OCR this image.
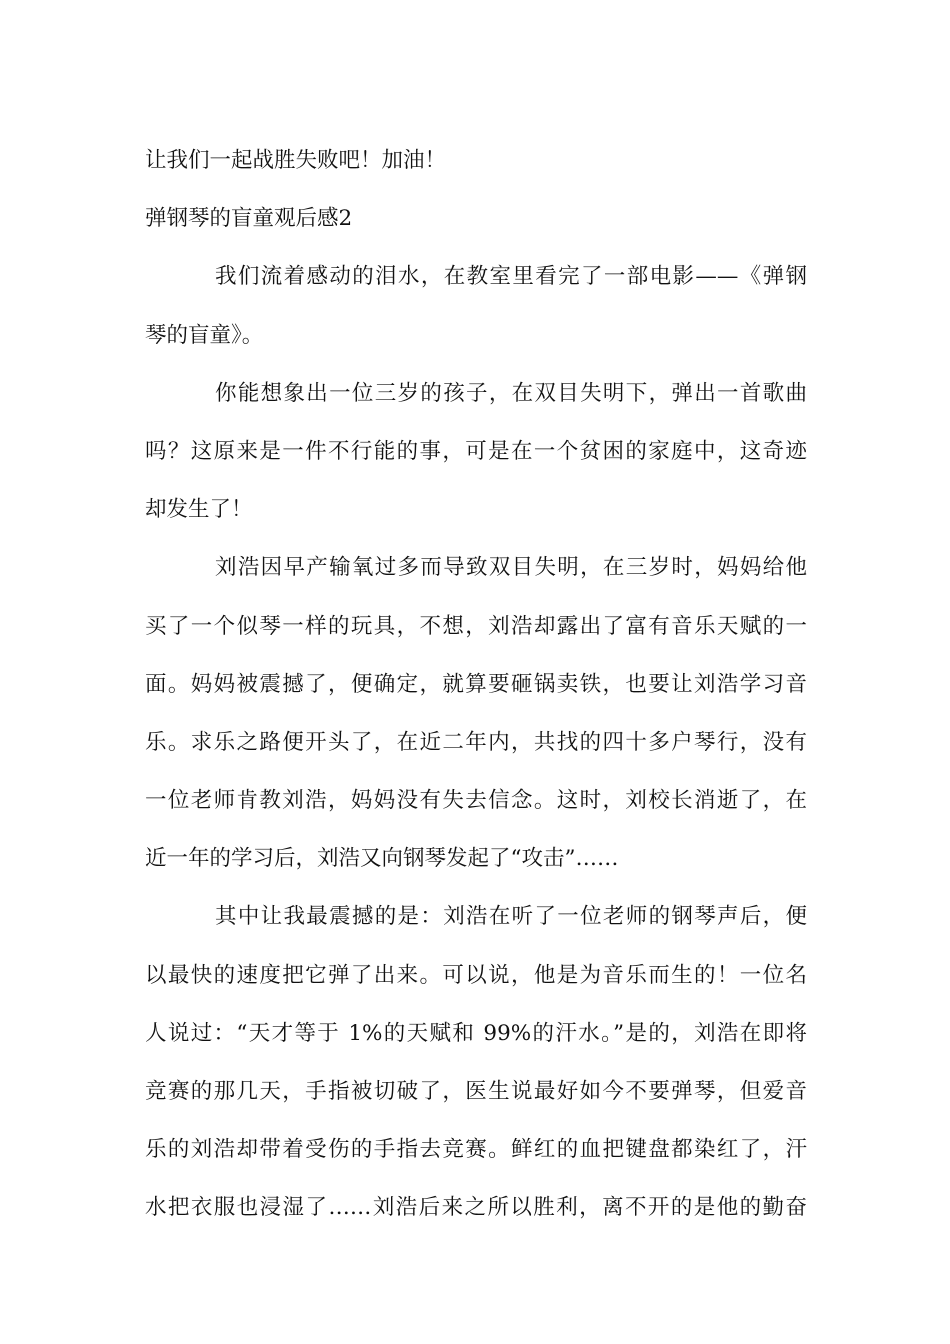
让我们一起战胜失败吧！加油！
弹钢琴的盲童观后感2
我们流着感动的泪水，在教室里看完了一部电影——《弹钢
琴的盲童》。
你能想象出一位三岁的孩子，在双目失明下，弹出一首歌曲
吗？这原来是一件不行能的事，可是在一个贫困的家庭中，这奇迹
却发生了！
刘浩因早产输氧过多而导致双目失明，在三岁时，妈妈给他
买了一个似琴一样的玩具，不想，刘浩却露出了富有音乐天赋的一
面。妈妈被震撼了，便确定，就算要砸锅卖铁，也要让刘浩学习音
乐。求乐之路便开头了，在近二年内，共找的四十多户琴行，没有
一位老师肯教刘浩，妈妈没有失去信念。这时，刘校长消逝了，在
近一年的学习后，刘浩又向钢琴发起了“攻击”……
其中让我最震撼的是：刘浩在听了一位老师的钢琴声后，便
以最快的速度把它弹了出来。可以说，他是为音乐而生的！一位名
人说过：“天才等于 1%的天赋和 99%的汗水。”是的，刘浩在即将
竞赛的那几天，手指被切破了，医生说最好如今不要弹琴，但爱音
乐的刘浩却带着受伤的手指去竞赛。鲜红的血把键盘都染红了，汗
水把衣服也浸湿了……刘浩后来之所以胜利，离不开的是他的勤奋
